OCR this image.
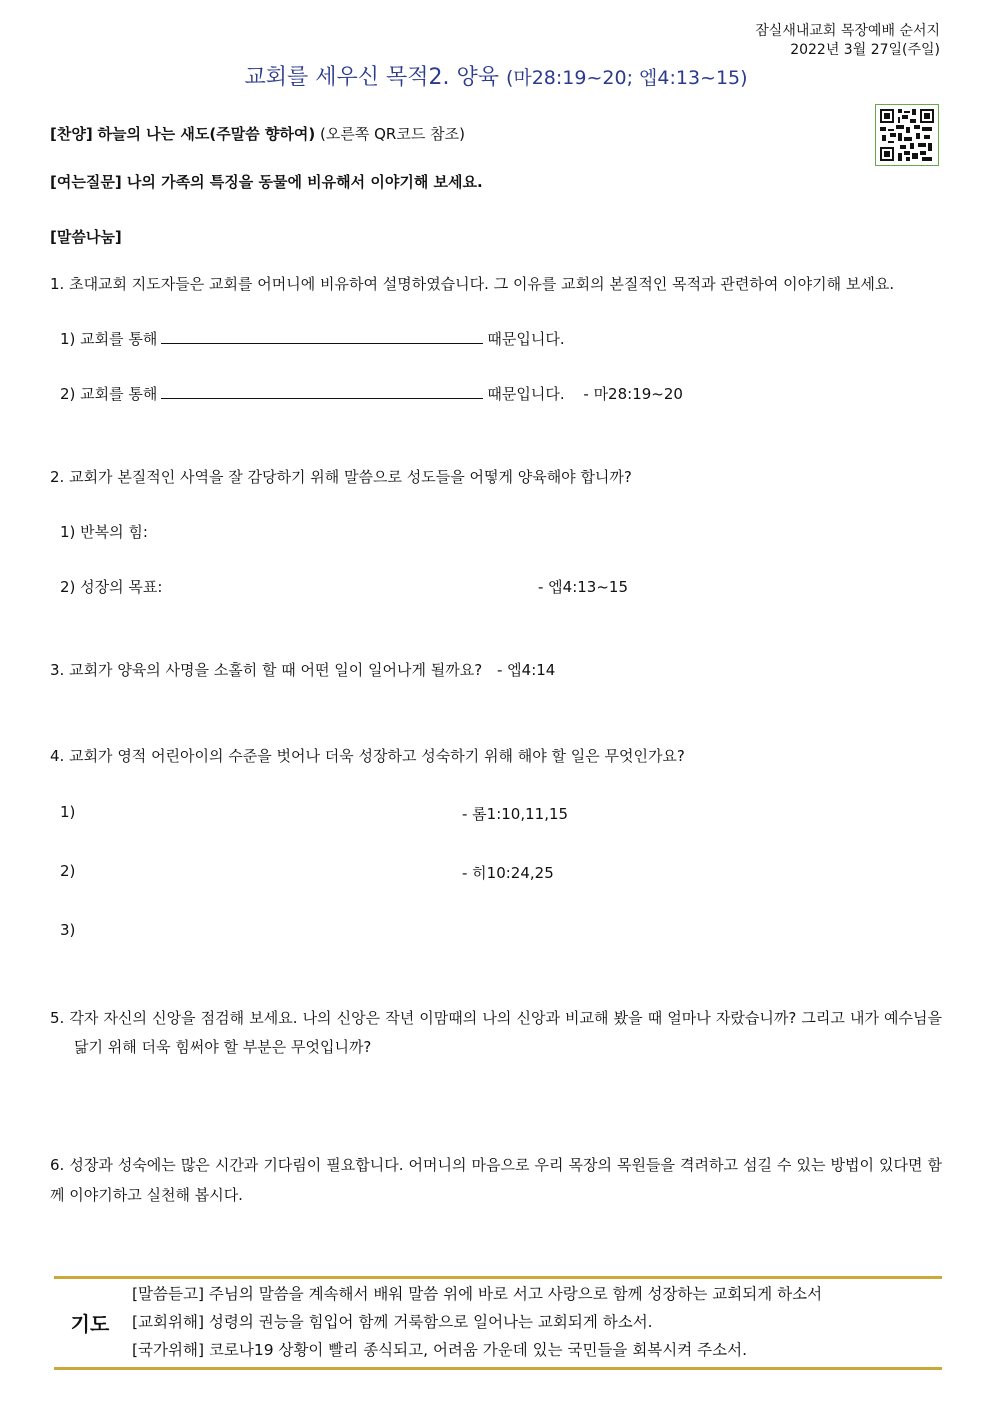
잠실새내교회 목장예배 순서지
2022년 3월 27일(주일)
교회를 세우신 목적2. 양육 (마28:19~20; 엡4:13~15)
[찬양] 하늘의 나는 새도(주말씀 향하여) (오른쪽 QR코드 참조)
[여는질문] 나의 가족의 특징을 동물에 비유해서 이야기해 보세요.
[말씀나눔]
1. 초대교회 지도자들은 교회를 어머니에 비유하여 설명하였습니다. 그 이유를 교회의 본질적인 목적과 관련하여 이야기해 보세요.
1) 교회를 통해	때문입니다.
2) 교회를 통해	때문입니다. - 마28:19~20
2. 교회가 본질적인 사역을 잘 감당하기 위해 말씀으로 성도들을 어떻게 양육해야 합니까?
1) 반복의 힘:
2) 성장의 목표:	- 엡4:13~15
3. 교회가 양육의 사명을 소홀히 할 때 어떤 일이 일어나게 될까요? - 엡4:14
4. 교회가 영적 어린아이의 수준을 벗어나 더욱 성장하고 성숙하기 위해 해야 할 일은 무엇인가요?
1)	- 롬1:10,11,15
2)	- 히10:24,25
3)
5. 각자 자신의 신앙을 점검해 보세요. 나의 신앙은 작년 이맘때의 나의 신앙과 비교해 봤을 때 얼마나 자랐습니까? 그리고 내가 예수님을 닮기 위해 더욱 힘써야 할 부분은 무엇입니까?
6. 성장과 성숙에는 많은 시간과 기다림이 필요합니다. 어머니의 마음으로 우리 목장의 목원들을 격려하고 섬길 수 있는 방법이 있다면 함께 이야기하고 실천해 봅시다.
기도
[말씀듣고] 주님의 말씀을 계속해서 배워 말씀 위에 바로 서고 사랑으로 함께 성장하는 교회되게 하소서
[교회위해] 성령의 권능을 힘입어 함께 거룩함으로 일어나는 교회되게 하소서.
[국가위해] 코로나19 상황이 빨리 종식되고, 어려움 가운데 있는 국민들을 회복시켜 주소서.
